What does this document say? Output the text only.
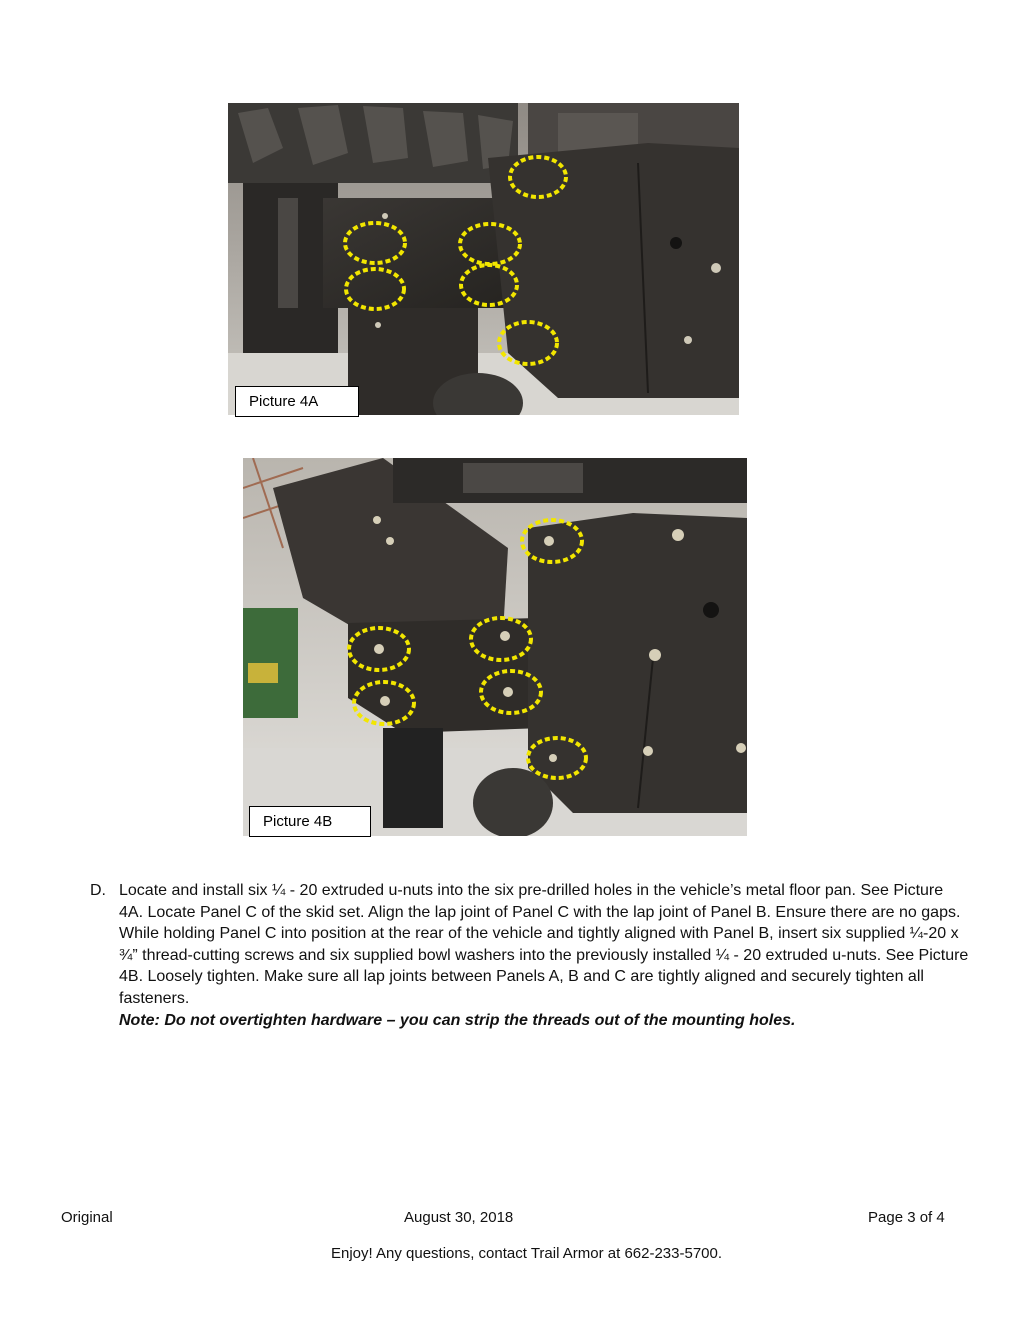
Picture 4A
Picture 4B
D. Locate and install six ¼ - 20 extruded u-nuts into the six pre-drilled holes in the vehicle’s metal floor pan. See Picture 4A. Locate Panel C of the skid set. Align the lap joint of Panel C with the lap joint of Panel B. Ensure there are no gaps. While holding Panel C into position at the rear of the vehicle and tightly aligned with Panel B, insert six supplied ¼-20 x ¾” thread-cutting screws and six supplied bowl washers into the previously installed ¼ - 20 extruded u-nuts. See Picture 4B. Loosely tighten. Make sure all lap joints between Panels A, B and C are tightly aligned and securely tighten all fasteners.
Note: Do not overtighten hardware – you can strip the threads out of the mounting holes.
Original	August 30, 2018	Page 3 of 4
Enjoy! Any questions, contact Trail Armor at 662-233-5700.
